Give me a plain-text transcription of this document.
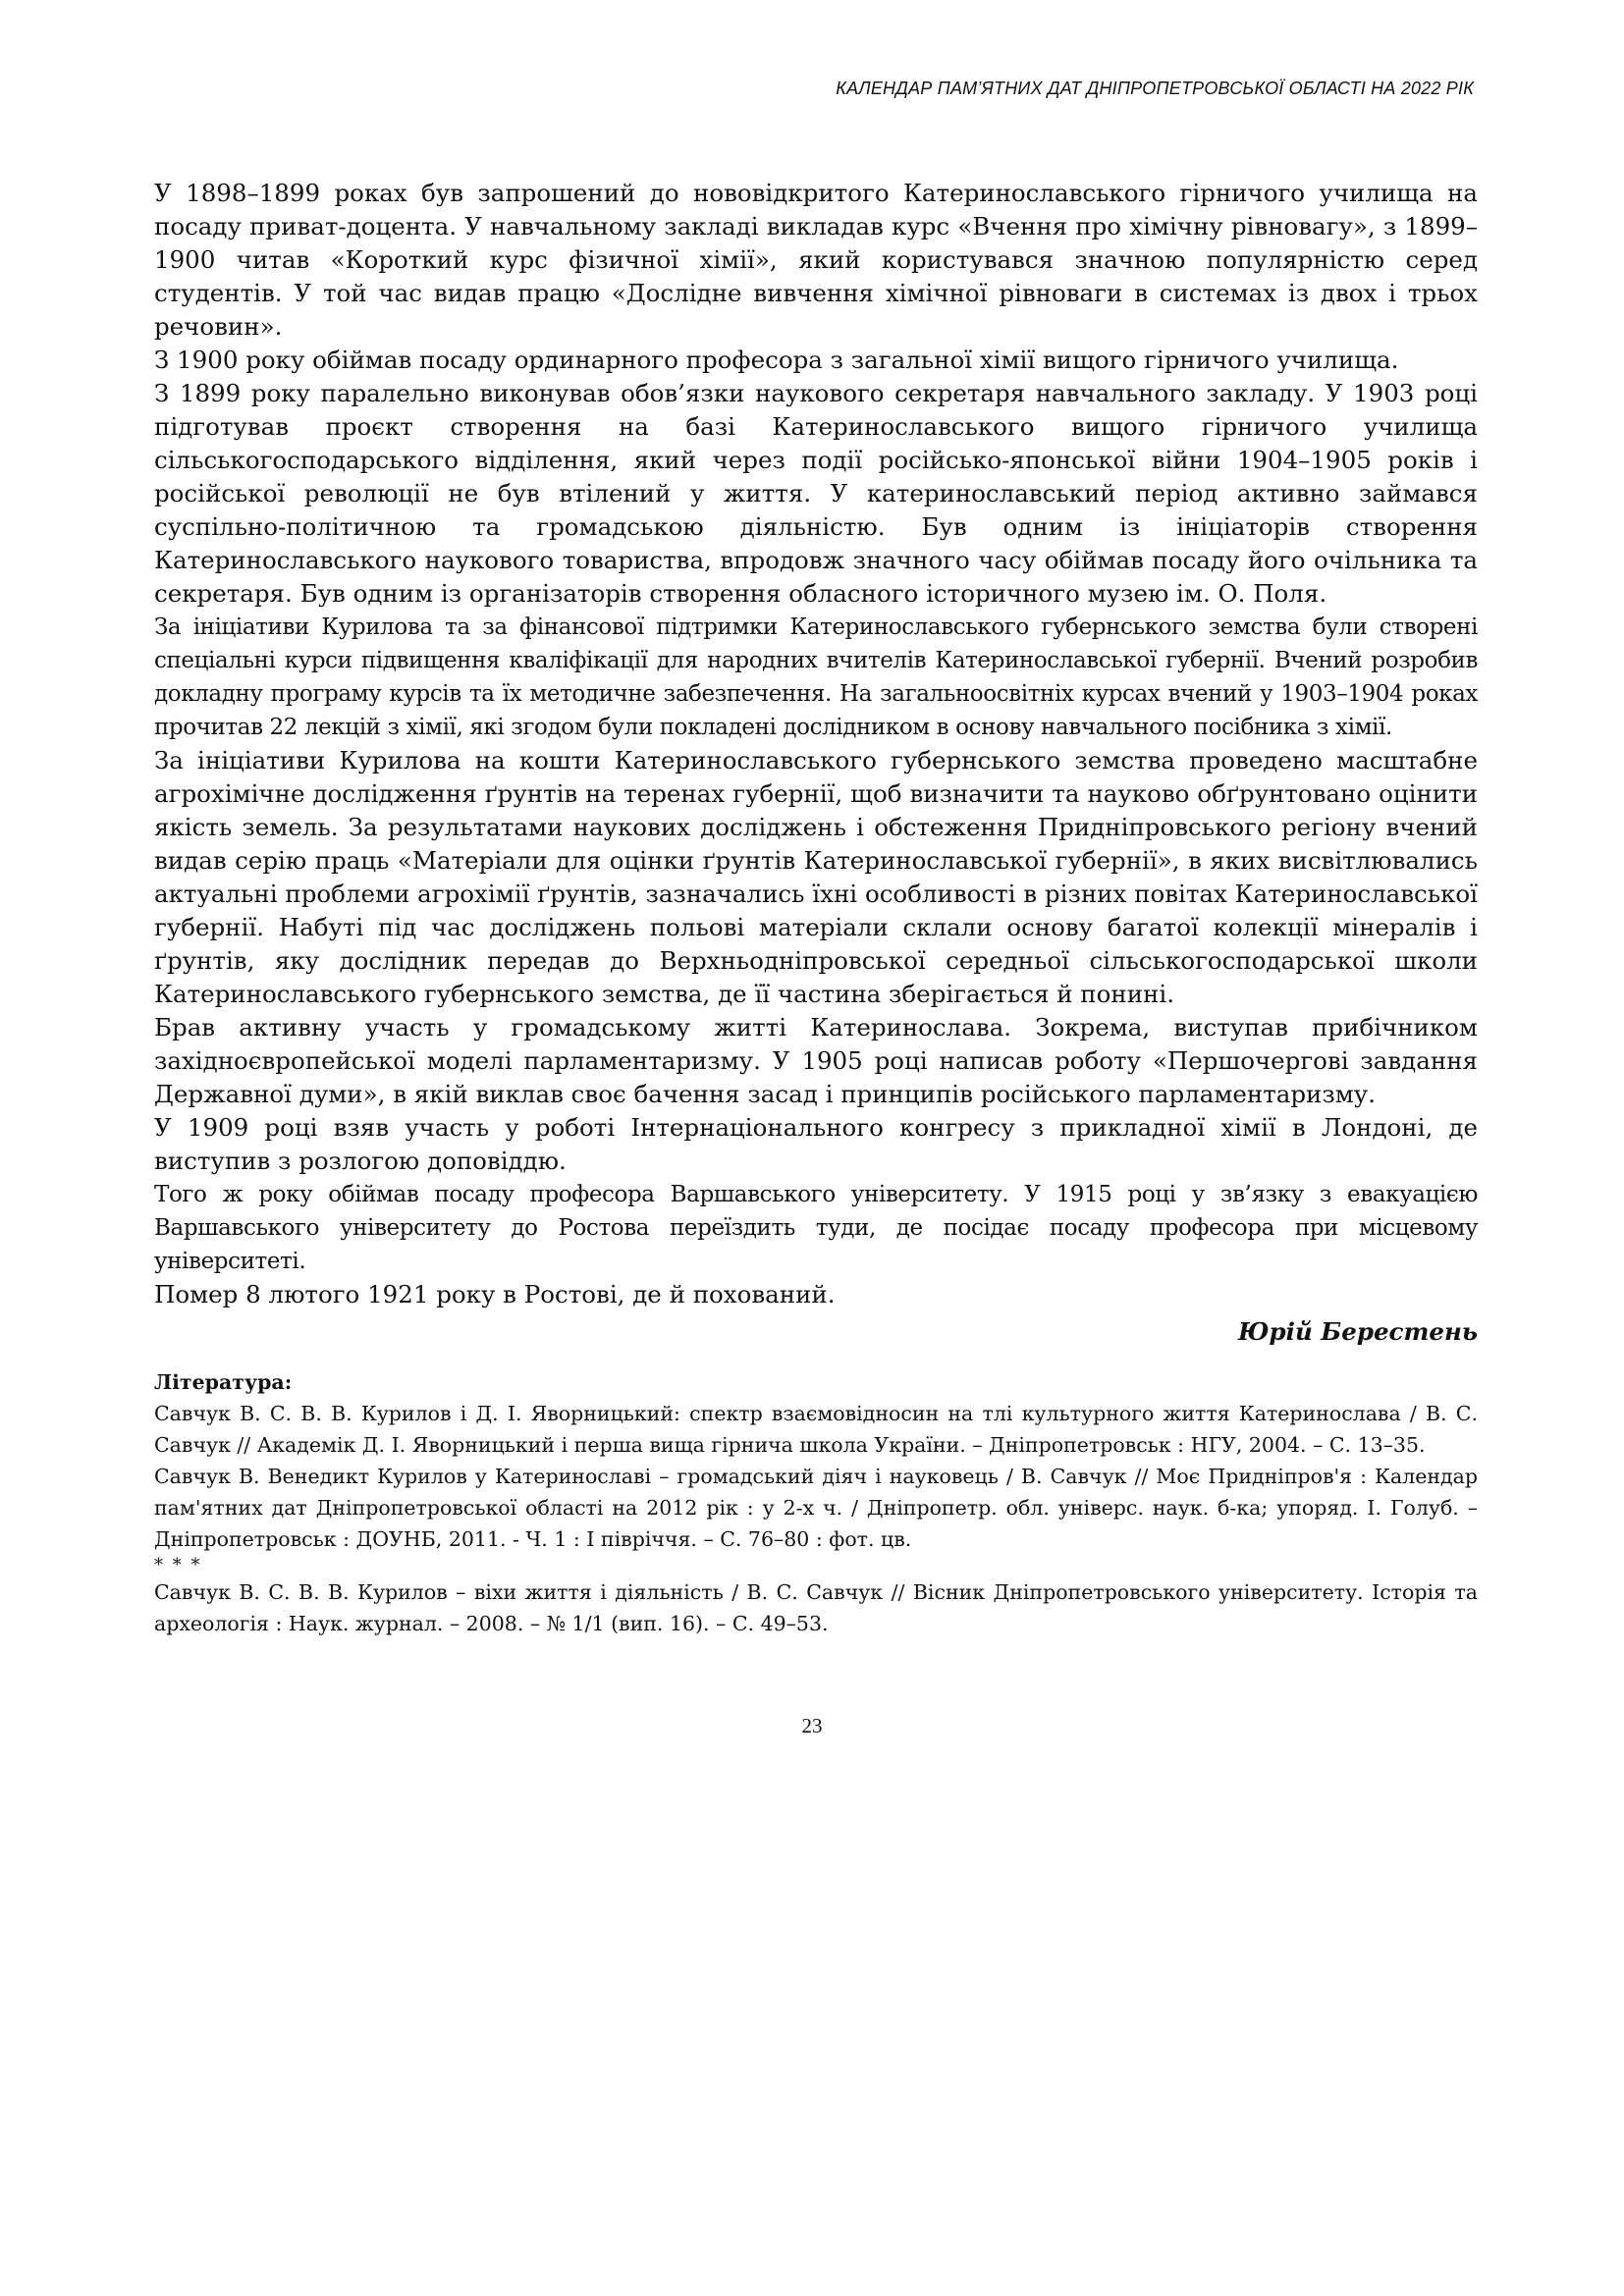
КАЛЕНДАР ПАМ’ЯТНИХ ДАТ ДНІПРОПЕТРОВСЬКОЇ ОБЛАСТІ НА 2022 РІК

У 1898–1899 роках був запрошений до нововідкритого Катеринославського гірничого училища на посаду приват-доцента. У навчальному закладі викладав курс «Вчення про хімічну рівновагу», з 1899–1900 читав «Короткий курс фізичної хімії», який користувався значною популярністю серед студентів. У той час видав працю «Дослідне вивчення хімічної рівноваги в системах із двох і трьох речовин».

З 1900 року обіймав посаду ординарного професора з загальної хімії вищого гірничого училища.

З 1899 року паралельно виконував обов’язки наукового секретаря навчального закладу. У 1903 році підготував проєкт створення на базі Катеринославського вищого гірничого училища сільськогосподарського відділення, який через події російсько-японської війни 1904–1905 років і російської революції не був втілений у життя. У катеринославський період активно займався суспільно-політичною та громадською діяльністю. Був одним із ініціаторів створення Катеринославського наукового товариства, впродовж значного часу обіймав посаду його очільника та секретаря. Був одним із організаторів створення обласного історичного музею ім. О. Поля.

За ініціативи Курилова та за фінансової підтримки Катеринославського губернського земства були створені спеціальні курси підвищення кваліфікації для народних вчителів Катеринославської губернії. Вчений розробив докладну програму курсів та їх методичне забезпечення. На загальноосвітніх курсах вчений у 1903–1904 роках прочитав 22 лекцій з хімії, які згодом були покладені дослідником в основу навчального посібника з хімії.

За ініціативи Курилова на кошти Катеринославського губернського земства проведено масштабне агрохімічне дослідження ґрунтів на теренах губернії, щоб визначити та науково обґрунтовано оцінити якість земель. За результатами наукових досліджень і обстеження Придніпровського регіону вчений видав серію праць «Матеріали для оцінки ґрунтів Катеринославської губернії», в яких висвітлювались актуальні проблеми агрохімії ґрунтів, зазначались їхні особливості в різних повітах Катеринославської губернії. Набуті під час досліджень польові матеріали склали основу багатої колекції мінералів і ґрунтів, яку дослідник передав до Верхньодніпровської середньої сільськогосподарської школи Катеринославського губернського земства, де її частина зберігається й понині.

Брав активну участь у громадському житті Катеринослава. Зокрема, виступав прибічником західноєвропейської моделі парламентаризму. У 1905 році написав роботу «Першочергові завдання Державної думи», в якій виклав своє бачення засад і принципів російського парламентаризму.

У 1909 році взяв участь у роботі Інтернаціонального конгресу з прикладної хімії в Лондоні, де виступив з розлогою доповіддю.

Того ж року обіймав посаду професора Варшавського університету. У 1915 році у зв’язку з евакуацією Варшавського університету до Ростова переїздить туди, де посідає посаду професора при місцевому університеті.

Помер 8 лютого 1921 року в Ростові, де й похований.

Юрій Берестень
Література:

Савчук В. С. В. В. Курилов і Д. І. Яворницький: спектр взаємовідносин на тлі культурного життя Катеринослава / В. С. Савчук // Академік Д. І. Яворницький і перша вища гірнича школа України. – Дніпропетровськ : НГУ, 2004. – С. 13–35.

Савчук В. Венедикт Курилов у Катеринославі – громадський діяч і науковець / В. Савчук // Моє Придніпров'я : Календар пам'ятних дат Дніпропетровської області на 2012 рік : у 2-х ч. / Дніпропетр. обл. універс. наук. б-ка; упоряд. І. Голуб. – Дніпропетровськ : ДОУНБ, 2011. - Ч. 1 : І півріччя. – С. 76–80 : фот. цв.

* * *

Савчук В. С. В. В. Курилов – віхи життя і діяльність / В. С. Савчук // Вісник Дніпропетровського університету. Історія та археологія : Наук. журнал. – 2008. – № 1/1 (вип. 16). – С. 49–53.

23
